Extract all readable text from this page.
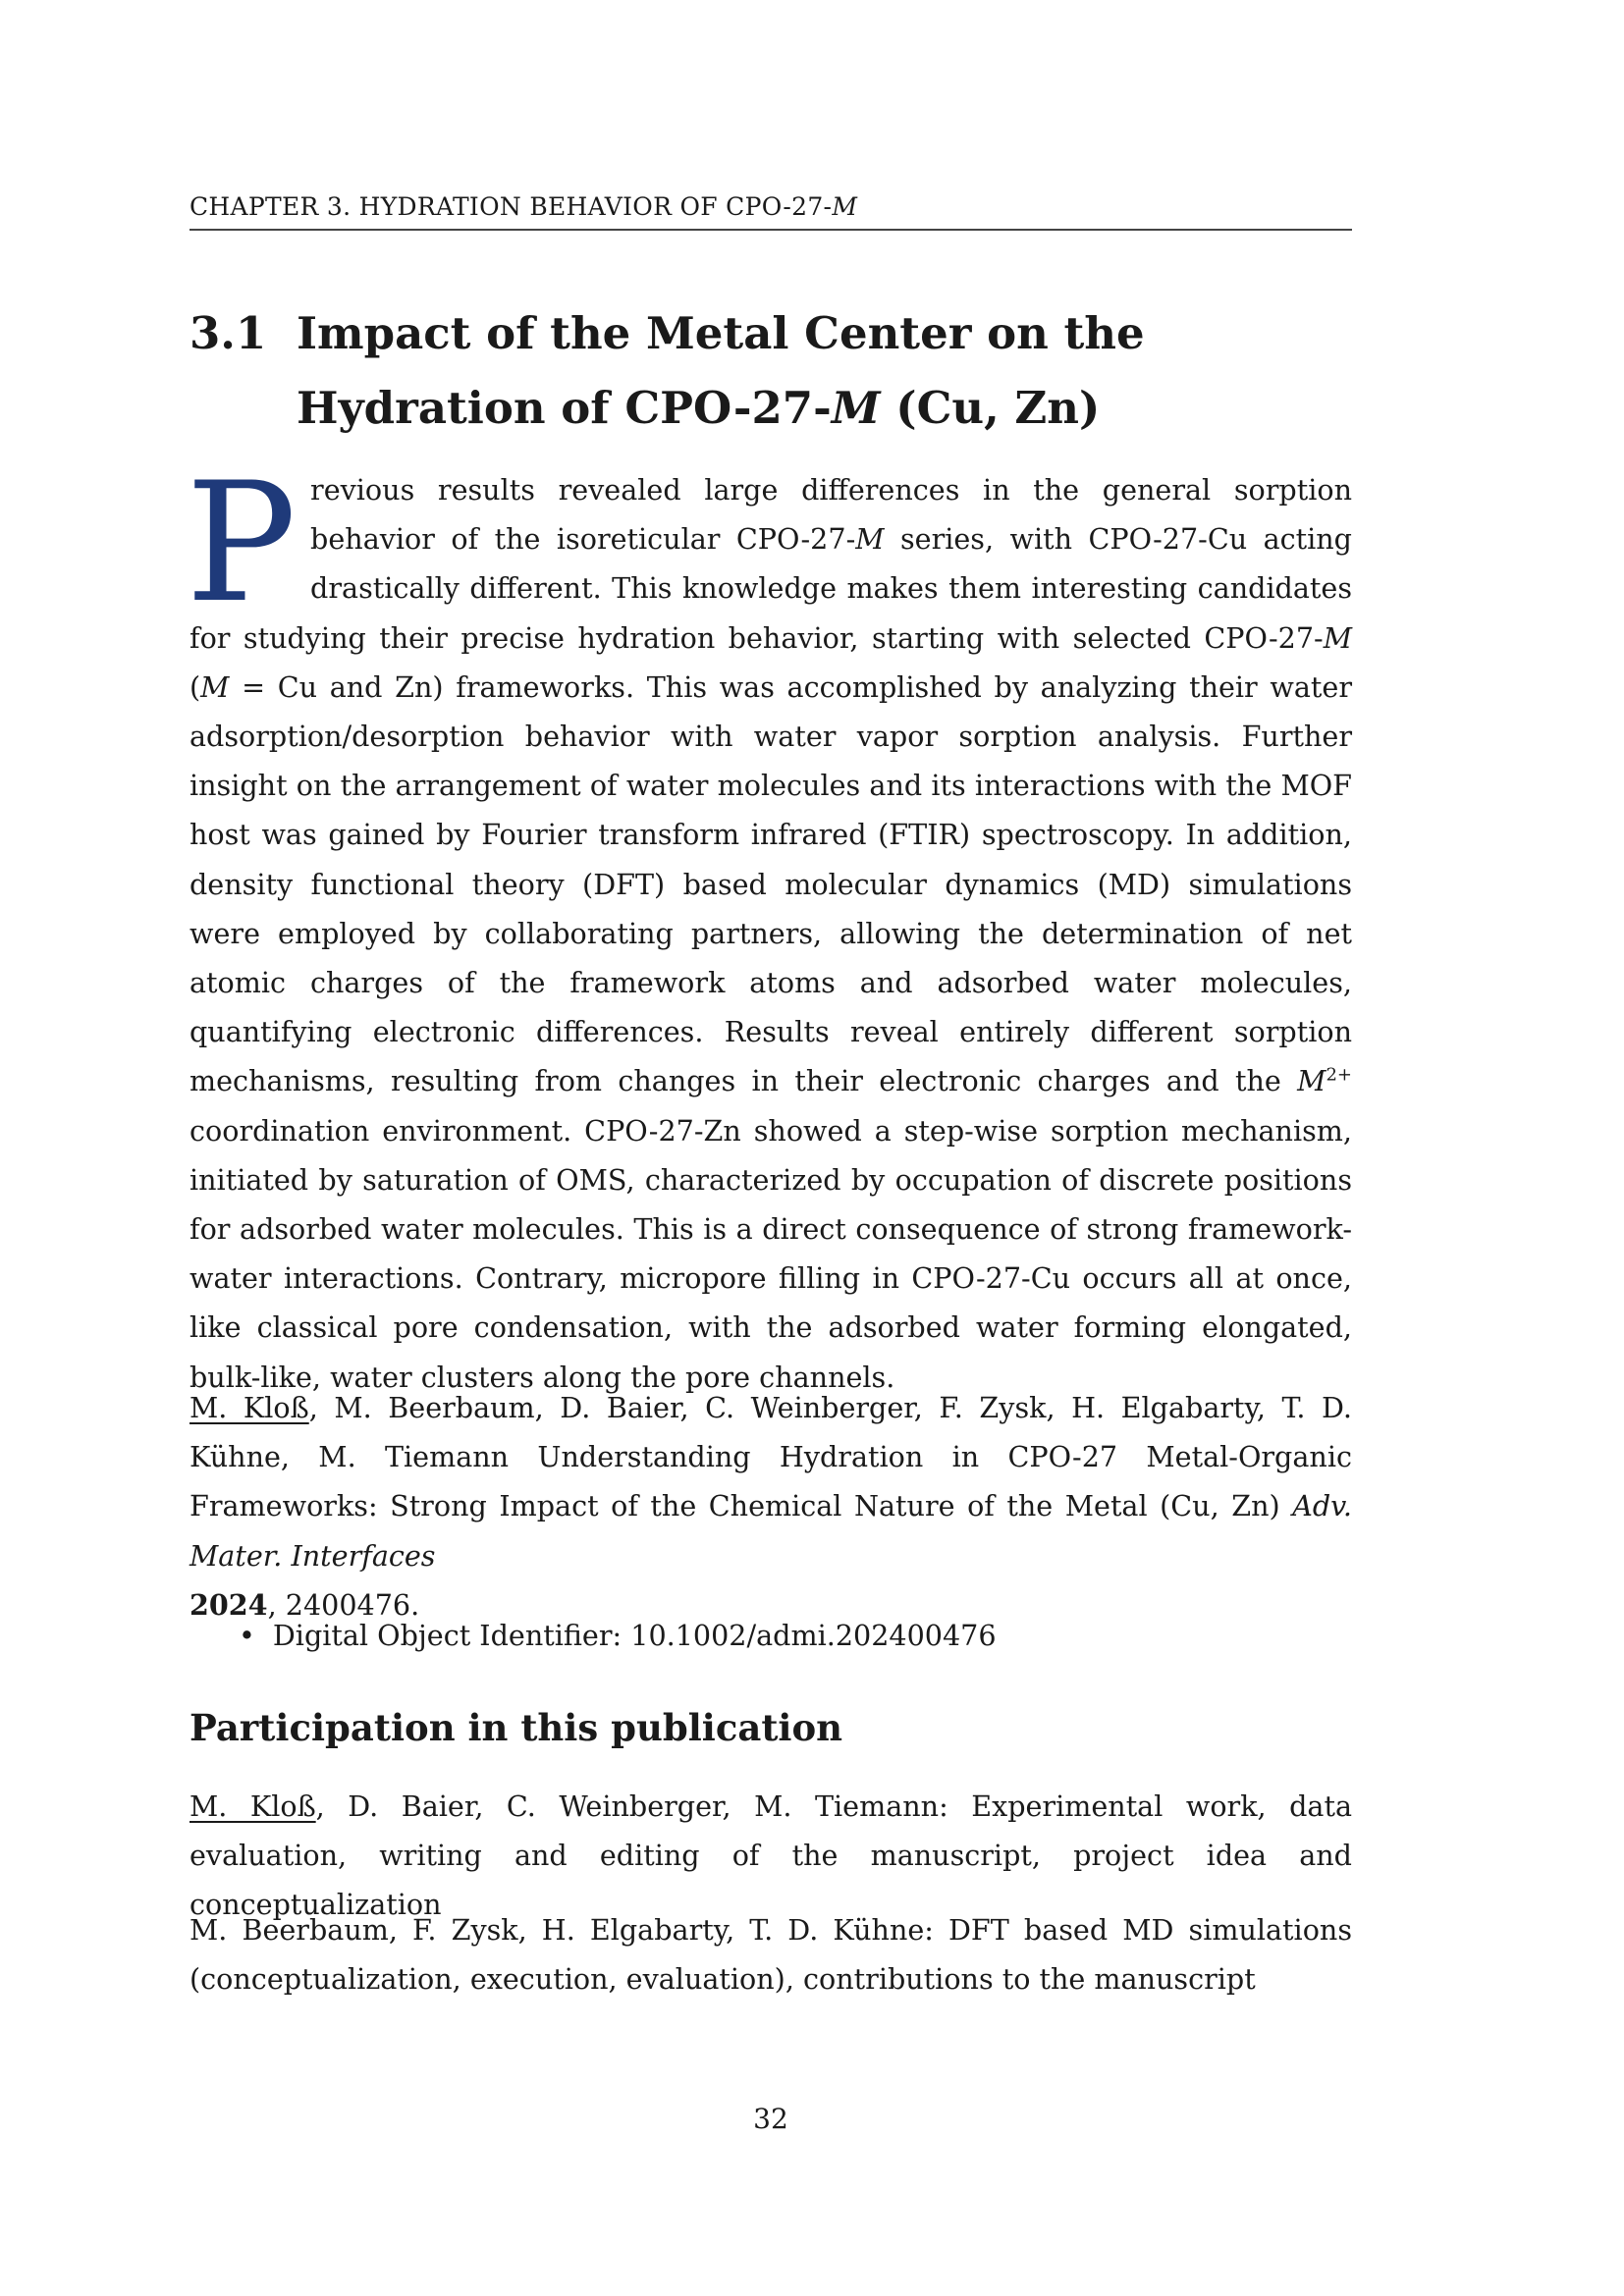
CHAPTER 3. HYDRATION BEHAVIOR OF CPO-27-M
3.1 Impact of the Metal Center on the Hydration of CPO-27-M (Cu, Zn)
Previous results revealed large differences in the general sorption behavior of the isoreticular CPO-27-M series, with CPO-27-Cu acting drastically different. This knowledge makes them interesting candidates for studying their precise hydration behavior, starting with selected CPO-27-M (M = Cu and Zn) frameworks. This was accomplished by analyzing their water adsorption/desorption behavior with water vapor sorption analysis. Further insight on the arrangement of water molecules and its interactions with the MOF host was gained by Fourier transform infrared (FTIR) spectroscopy. In addition, density functional theory (DFT) based molecular dynamics (MD) simulations were employed by collaborating partners, allowing the determination of net atomic charges of the framework atoms and adsorbed water molecules, quantifying electronic differences. Results reveal entirely different sorption mechanisms, resulting from changes in their electronic charges and the $M^{2+}$ coordination environment. CPO-27-Zn showed a step-wise sorption mechanism, initiated by saturation of OMS, characterized by occupation of discrete positions for adsorbed water molecules. This is a direct consequence of strong framework-water interactions. Contrary, micropore filling in CPO-27-Cu occurs all at once, like classical pore condensation, with the adsorbed water forming elongated, bulk-like, water clusters along the pore channels.
M. Kloß, M. Beerbaum, D. Baier, C. Weinberger, F. Zysk, H. Elgabarty, T. D. Kühne, M. Tiemann Understanding Hydration in CPO-27 Metal-Organic Frameworks: Strong Impact of the Chemical Nature of the Metal (Cu, Zn) Adv. Mater. Interfaces
2024, 2400476.
• Digital Object Identifier: 10.1002/admi.202400476
Participation in this publication
M. Kloß, D. Baier, C. Weinberger, M. Tiemann: Experimental work, data evaluation, writing and editing of the manuscript, project idea and conceptualization
M. Beerbaum, F. Zysk, H. Elgabarty, T. D. Kühne: DFT based MD simulations (conceptualization, execution, evaluation), contributions to the manuscript
32
